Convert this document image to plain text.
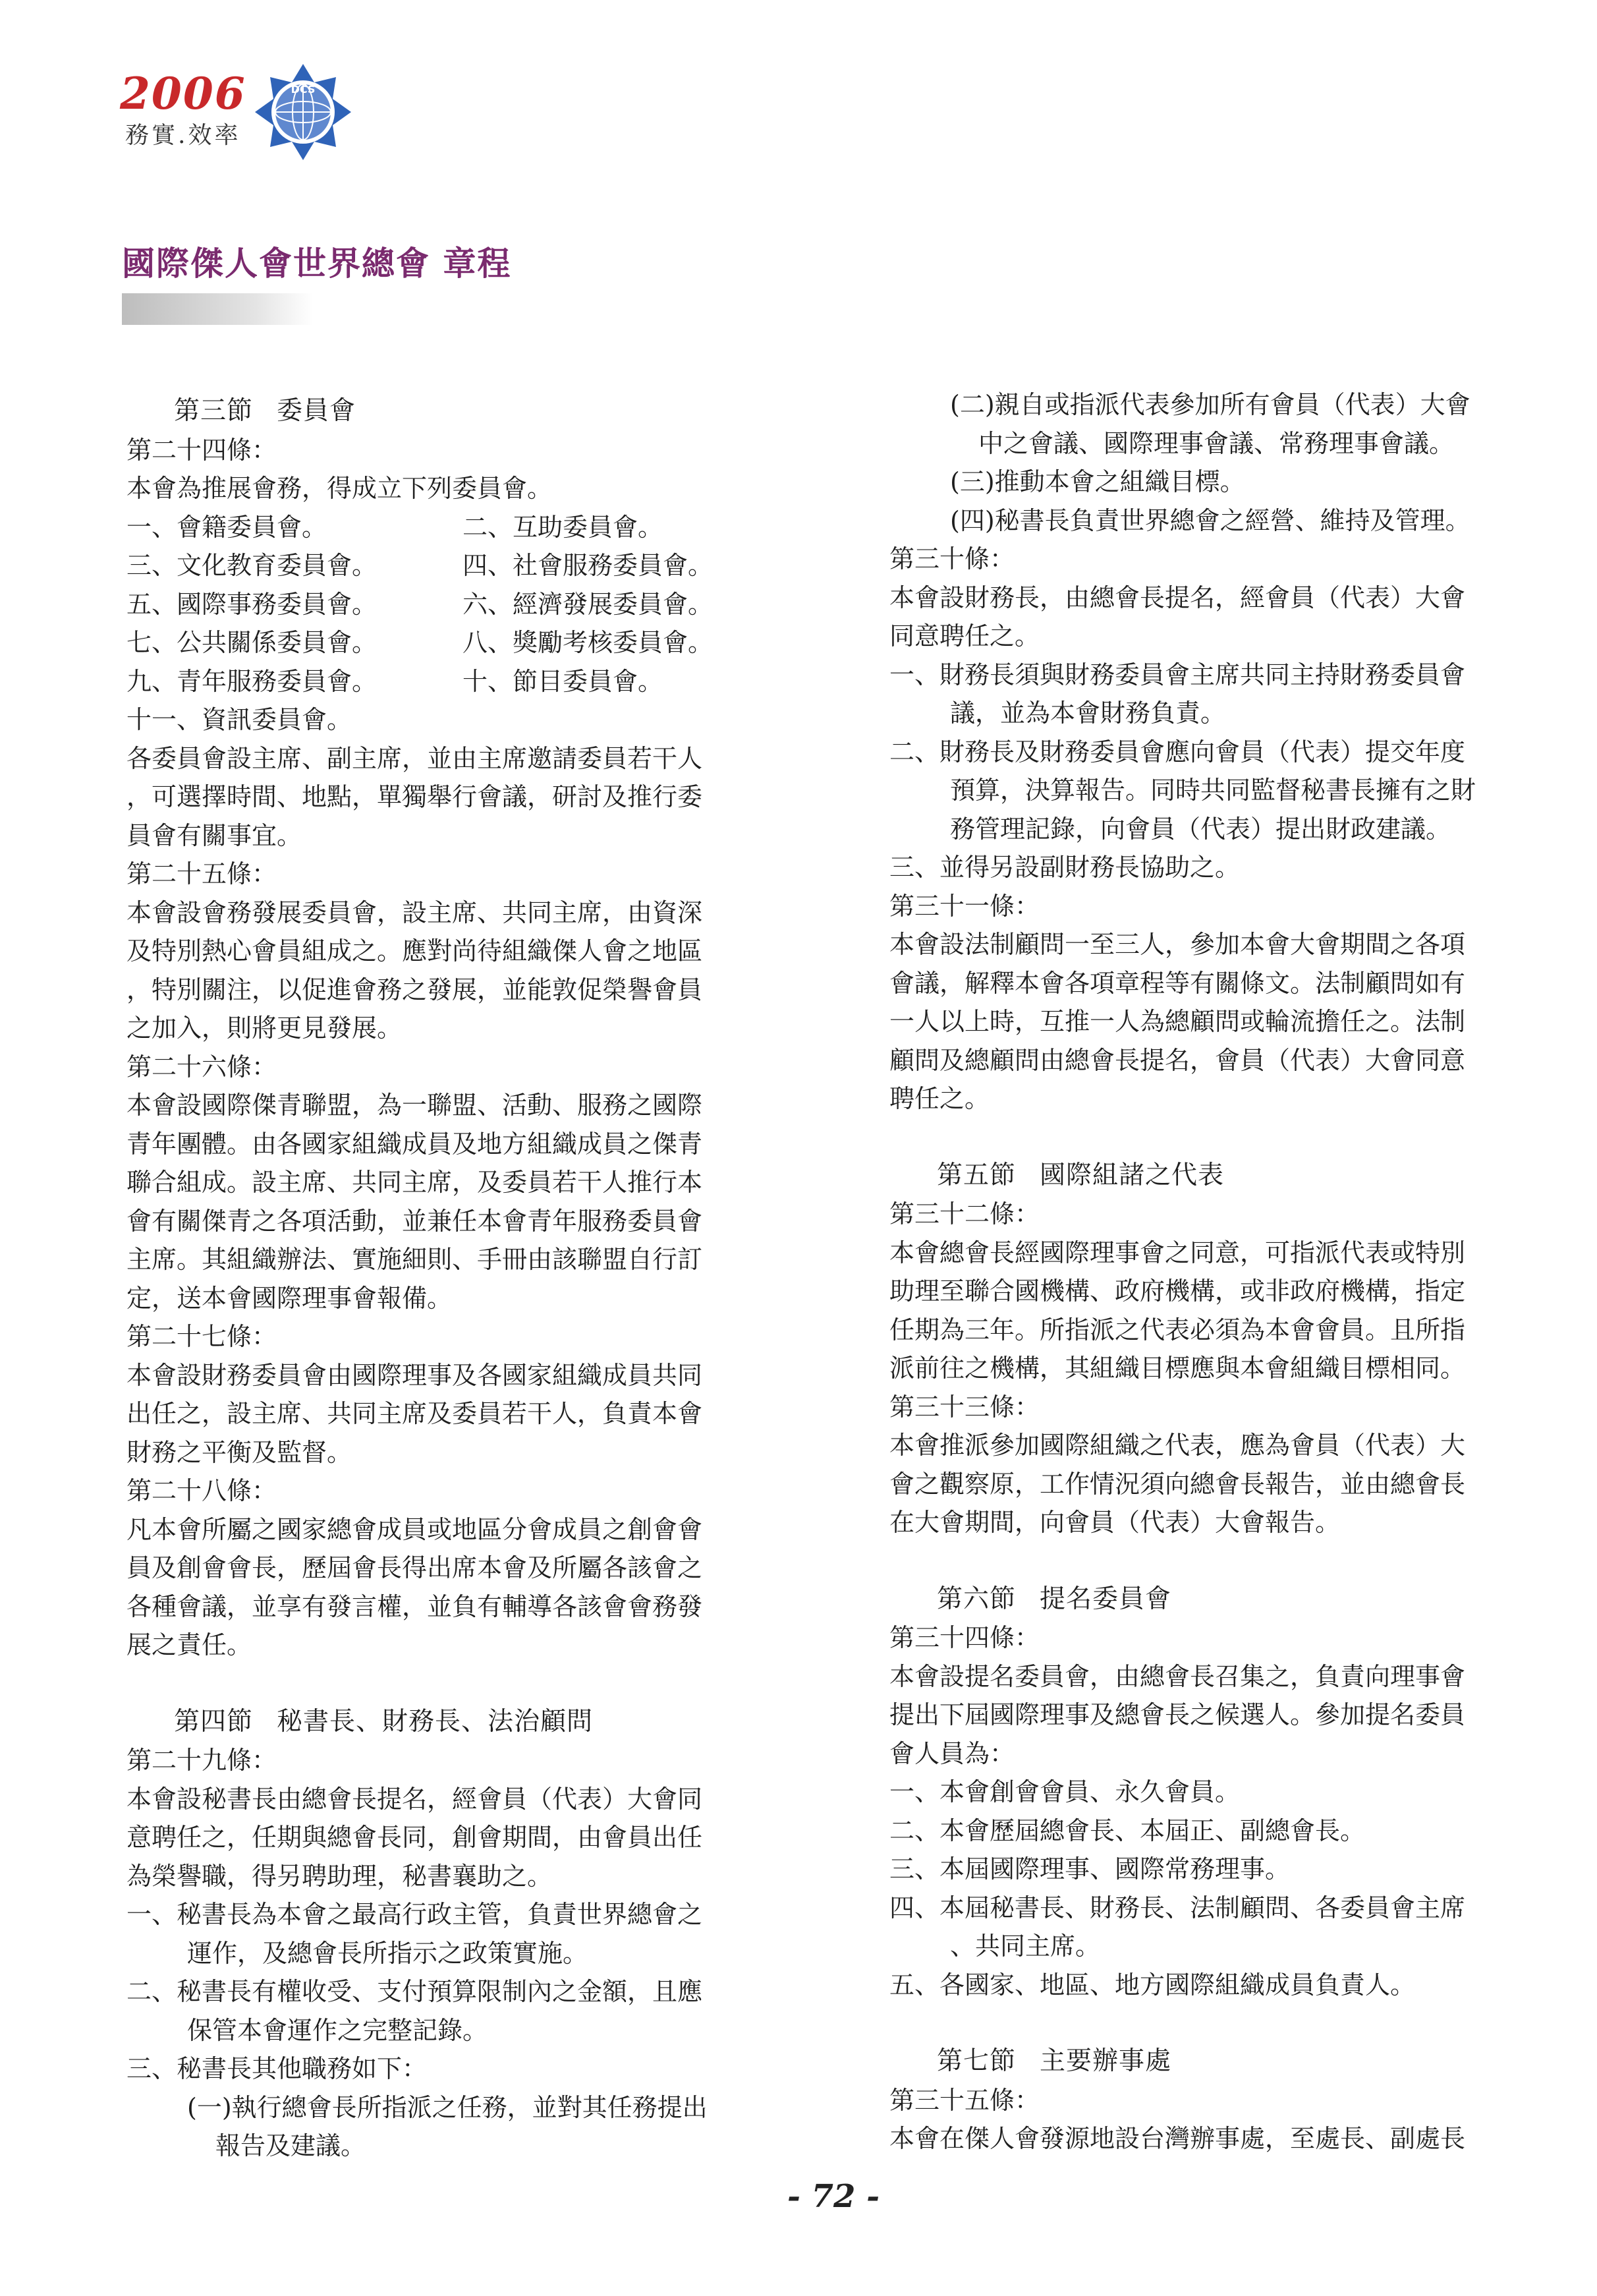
2006
務實.效率
DCS
國際傑人會世界總會 章程
第三節 委員會
第二十四條：
本會為推展會務，得成立下列委員會。
一、會籍委員會。	二、互助委員會。
三、文化教育委員會。	四、社會服務委員會。
五、國際事務委員會。	六、經濟發展委員會。
七、公共關係委員會。	八、獎勵考核委員會。
九、青年服務委員會。	十、節目委員會。
十一、資訊委員會。
各委員會設主席、副主席，並由主席邀請委員若干人
，可選擇時間、地點，單獨舉行會議，研討及推行委
員會有關事宜。
第二十五條：
本會設會務發展委員會，設主席、共同主席，由資深
及特別熱心會員組成之。應對尚待組織傑人會之地區
，特別關注，以促進會務之發展，並能敦促榮譽會員
之加入，則將更見發展。
第二十六條：
本會設國際傑青聯盟，為一聯盟、活動、服務之國際
青年團體。由各國家組織成員及地方組織成員之傑青
聯合組成。設主席、共同主席，及委員若干人推行本
會有關傑青之各項活動，並兼任本會青年服務委員會
主席。其組織辦法、實施細則、手冊由該聯盟自行訂
定，送本會國際理事會報備。
第二十七條：
本會設財務委員會由國際理事及各國家組織成員共同
出任之，設主席、共同主席及委員若干人，負責本會
財務之平衡及監督。
第二十八條：
凡本會所屬之國家總會成員或地區分會成員之創會會
員及創會會長，歷屆會長得出席本會及所屬各該會之
各種會議，並享有發言權，並負有輔導各該會會務發
展之責任。
第四節 秘書長、財務長、法治顧問
第二十九條：
本會設秘書長由總會長提名，經會員（代表）大會同
意聘任之，任期與總會長同，創會期間，由會員出任
為榮譽職，得另聘助理，秘書襄助之。
一、秘書長為本會之最高行政主管，負責世界總會之
運作，及總會長所指示之政策實施。
二、秘書長有權收受、支付預算限制內之金額，且應
保管本會運作之完整記錄。
三、秘書長其他職務如下：
(一)執行總會長所指派之任務，並對其任務提出
報告及建議。
(二)親自或指派代表參加所有會員（代表）大會
中之會議、國際理事會議、常務理事會議。
(三)推動本會之組織目標。
(四)秘書長負責世界總會之經營、維持及管理。
第三十條：
本會設財務長，由總會長提名，經會員（代表）大會
同意聘任之。
一、財務長須與財務委員會主席共同主持財務委員會
議，並為本會財務負責。
二、財務長及財務委員會應向會員（代表）提交年度
預算，決算報告。同時共同監督秘書長擁有之財
務管理記錄，向會員（代表）提出財政建議。
三、並得另設副財務長協助之。
第三十一條：
本會設法制顧問一至三人，參加本會大會期間之各項
會議，解釋本會各項章程等有關條文。法制顧問如有
一人以上時，互推一人為總顧問或輪流擔任之。法制
顧問及總顧問由總會長提名，會員（代表）大會同意
聘任之。
第五節 國際組諸之代表
第三十二條：
本會總會長經國際理事會之同意，可指派代表或特別
助理至聯合國機構、政府機構，或非政府機構，指定
任期為三年。所指派之代表必須為本會會員。且所指
派前往之機構，其組織目標應與本會組織目標相同。
第三十三條：
本會推派參加國際組織之代表，應為會員（代表）大
會之觀察原，工作情況須向總會長報告，並由總會長
在大會期間，向會員（代表）大會報告。
第六節 提名委員會
第三十四條：
本會設提名委員會，由總會長召集之，負責向理事會
提出下屆國際理事及總會長之候選人。參加提名委員
會人員為：
一、本會創會會員、永久會員。
二、本會歷屆總會長、本屆正、副總會長。
三、本屆國際理事、國際常務理事。
四、本屆秘書長、財務長、法制顧問、各委員會主席
、共同主席。
五、各國家、地區、地方國際組織成員負責人。
第七節 主要辦事處
第三十五條：
本會在傑人會發源地設台灣辦事處，至處長、副處長
- 72 -
